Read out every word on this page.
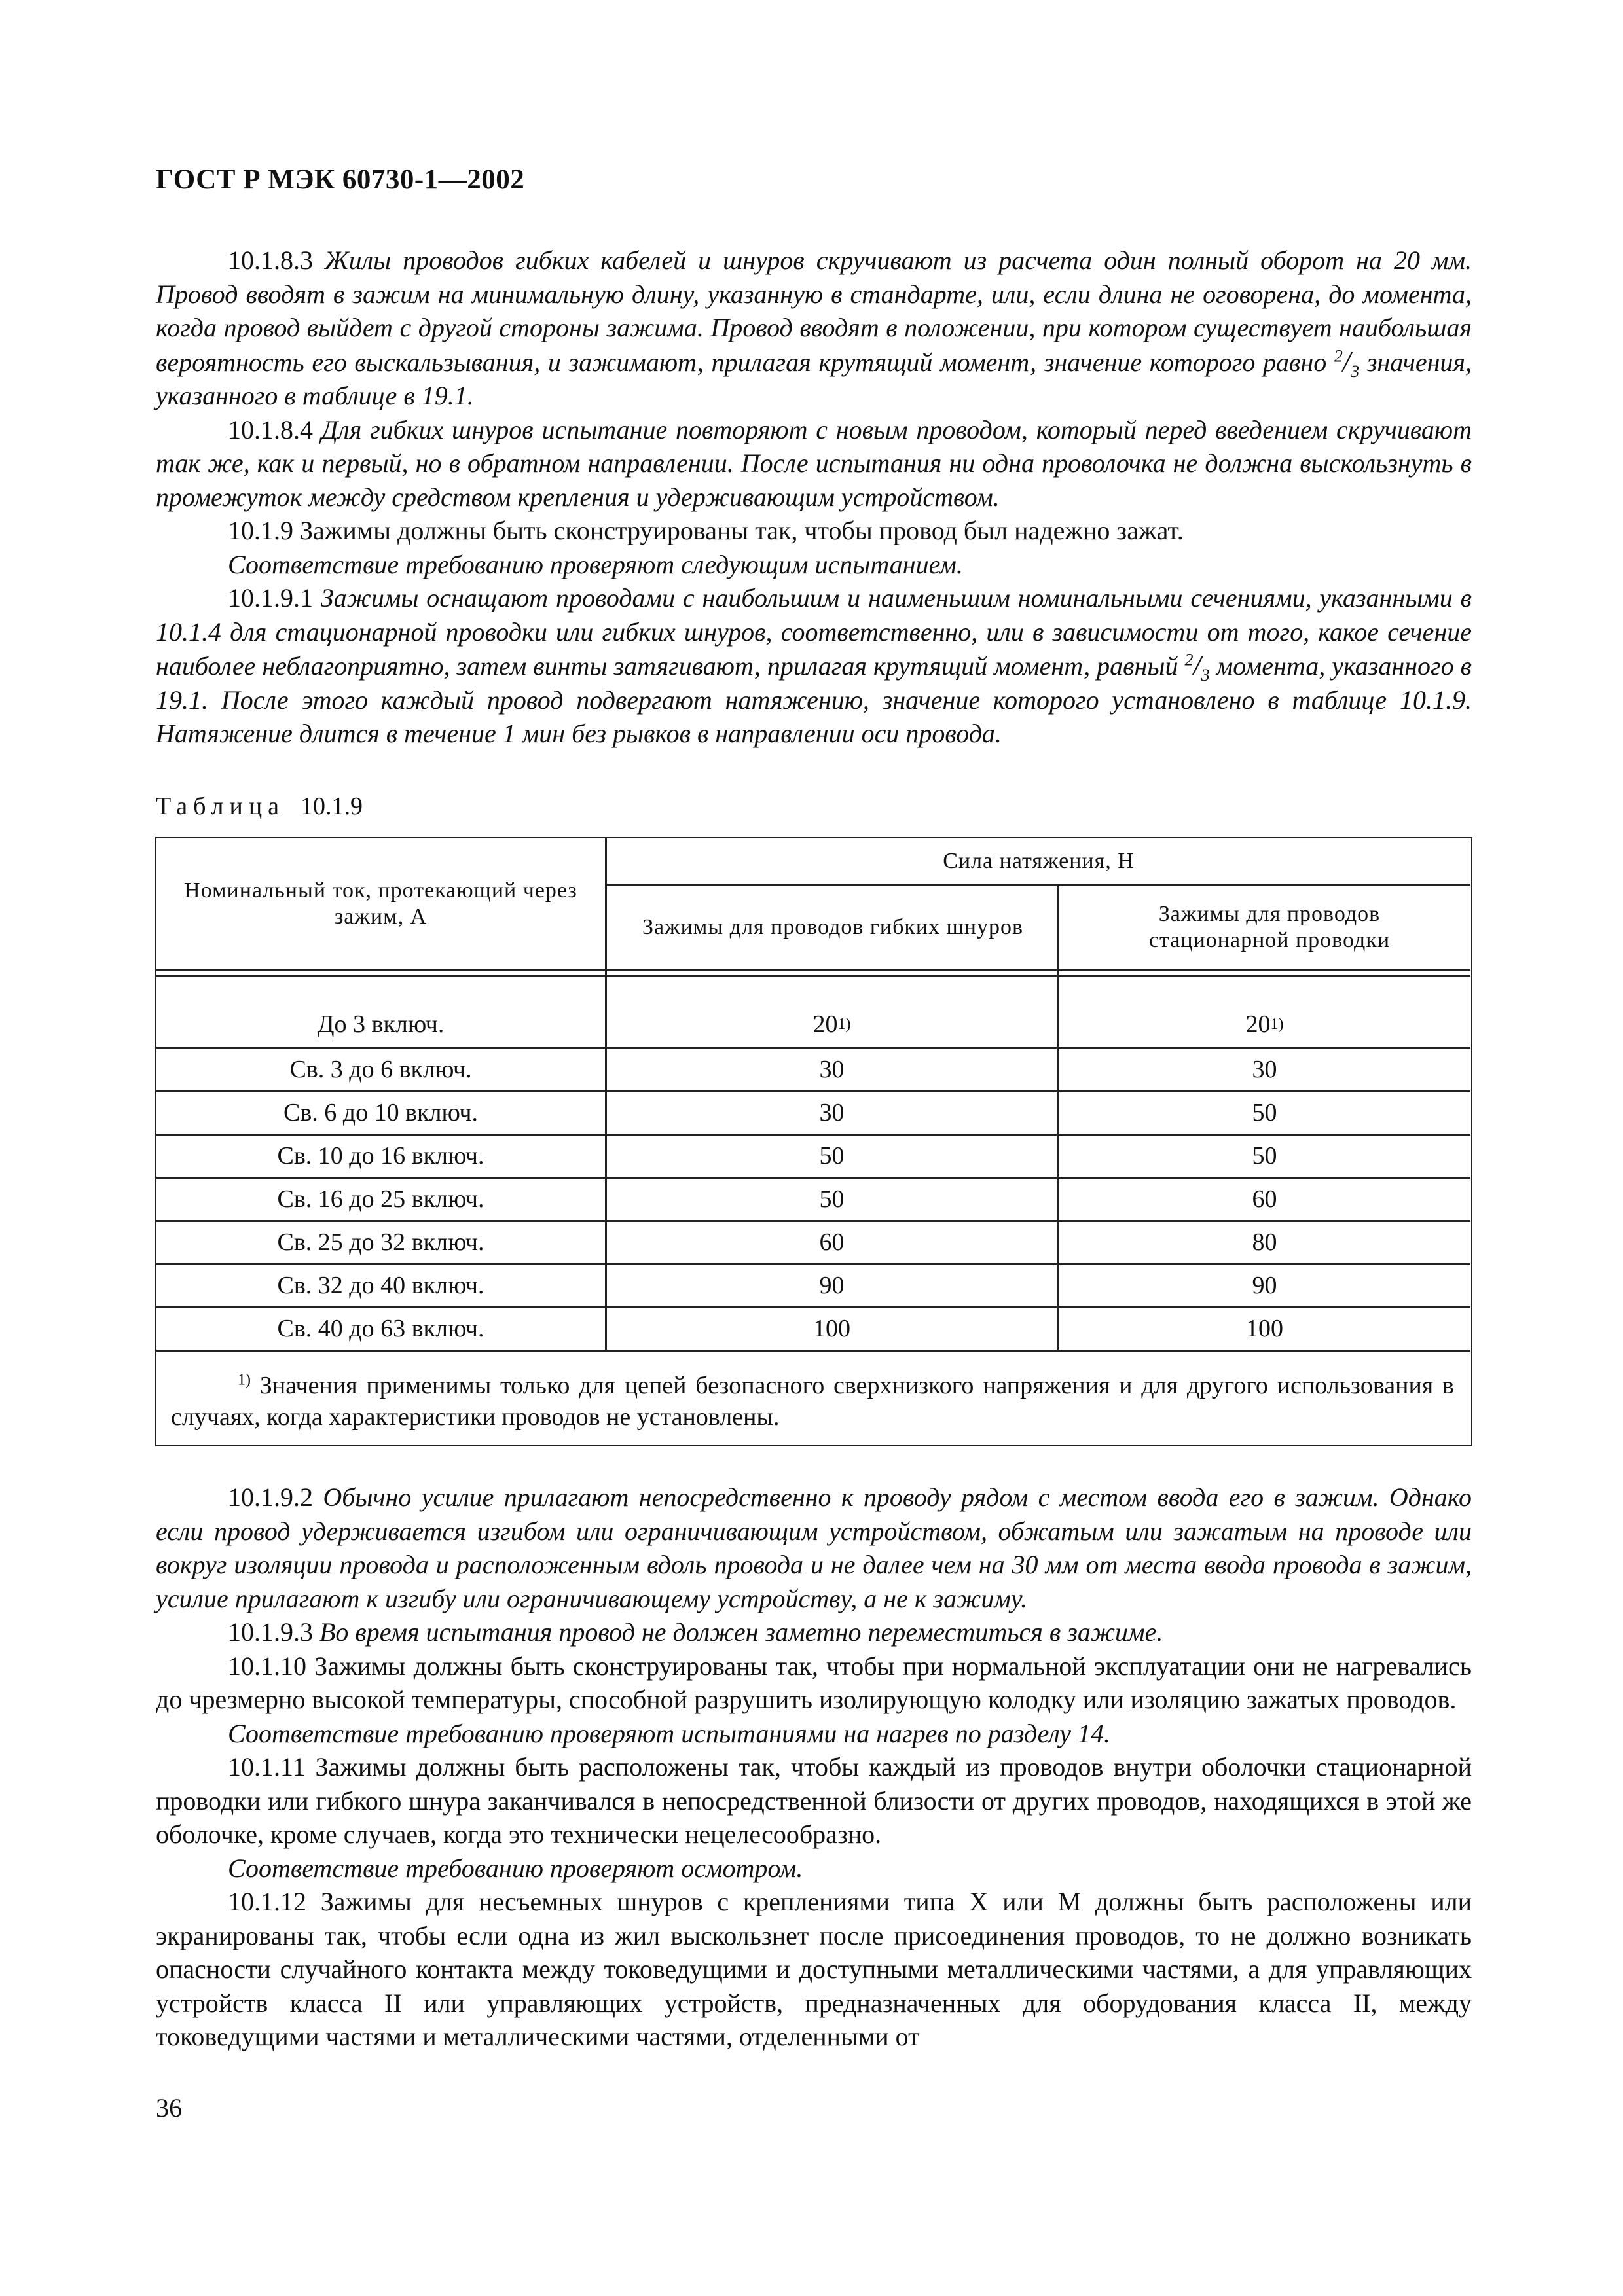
ГОСТ Р МЭК 60730-1—2002

10.1.8.3 Жилы проводов гибких кабелей и шнуров скручивают из расчета один полный оборот на 20 мм. Провод вводят в зажим на минимальную длину, указанную в стандарте, или, если длина не оговорена, до момента, когда провод выйдет с другой стороны зажима. Провод вводят в положении, при котором существует наибольшая вероятность его выскальзывания, и зажимают, прилагая крутящий момент, значение которого равно $^2/_3$ значения, указанного в таблице в 19.1.

10.1.8.4 Для гибких шнуров испытание повторяют с новым проводом, который перед введением скручивают так же, как и первый, но в обратном направлении. После испытания ни одна проволочка не должна выскользнуть в промежуток между средством крепления и удерживающим устройством.

10.1.9 Зажимы должны быть сконструированы так, чтобы провод был надежно зажат.

Соответствие требованию проверяют следующим испытанием.

10.1.9.1 Зажимы оснащают проводами с наибольшим и наименьшим номинальными сечениями, указанными в 10.1.4 для стационарной проводки или гибких шнуров, соответственно, или в зависимости от того, какое сечение наиболее неблагоприятно, затем винты затягивают, прилагая крутящий момент, равный $^2/_3$ момента, указанного в 19.1. После этого каждый провод подвергают натяжению, значение которого установлено в таблице 10.1.9. Натяжение длится в течение 1 мин без рывков в направлении оси провода.

Таблица 10.1.9
Номинальный ток, протекающий через зажим, А
Сила натяжения, Н
Зажимы для проводов гибких шнуров
Зажимы для проводов стационарной проводки
До 3 включ.	20 1)	20 1)
Св. 3 до 6 включ.	30	30
Св. 6 до 10 включ.	30	50
Св. 10 до 16 включ.	50	50
Св. 16 до 25 включ.	50	60
Св. 25 до 32 включ.	60	80
Св. 32 до 40 включ.	90	90
Св. 40 до 63 включ.	100	100
$^{1)}$ Значения применимы только для цепей безопасного сверхнизкого напряжения и для другого использования в случаях, когда характеристики проводов не установлены.

10.1.9.2 Обычно усилие прилагают непосредственно к проводу рядом с местом ввода его в зажим. Однако если провод удерживается изгибом или ограничивающим устройством, обжатым или зажатым на проводе или вокруг изоляции провода и расположенным вдоль провода и не далее чем на 30 мм от места ввода провода в зажим, усилие прилагают к изгибу или ограничивающему устройству, а не к зажиму.

10.1.9.3 Во время испытания провод не должен заметно переместиться в зажиме.

10.1.10 Зажимы должны быть сконструированы так, чтобы при нормальной эксплуатации они не нагревались до чрезмерно высокой температуры, способной разрушить изолирующую колодку или изоляцию зажатых проводов.

Соответствие требованию проверяют испытаниями на нагрев по разделу 14.

10.1.11 Зажимы должны быть расположены так, чтобы каждый из проводов внутри оболочки стационарной проводки или гибкого шнура заканчивался в непосредственной близости от других проводов, находящихся в этой же оболочке, кроме случаев, когда это технически нецелесообразно.

Соответствие требованию проверяют осмотром.

10.1.12 Зажимы для несъемных шнуров с креплениями типа X или M должны быть расположены или экранированы так, чтобы если одна из жил выскользнет после присоединения проводов, то не должно возникать опасности случайного контакта между токоведущими и доступными металлическими частями, а для управляющих устройств класса II или управляющих устройств, предназначенных для оборудования класса II, между токоведущими частями и металлическими частями, отделенными от

36
